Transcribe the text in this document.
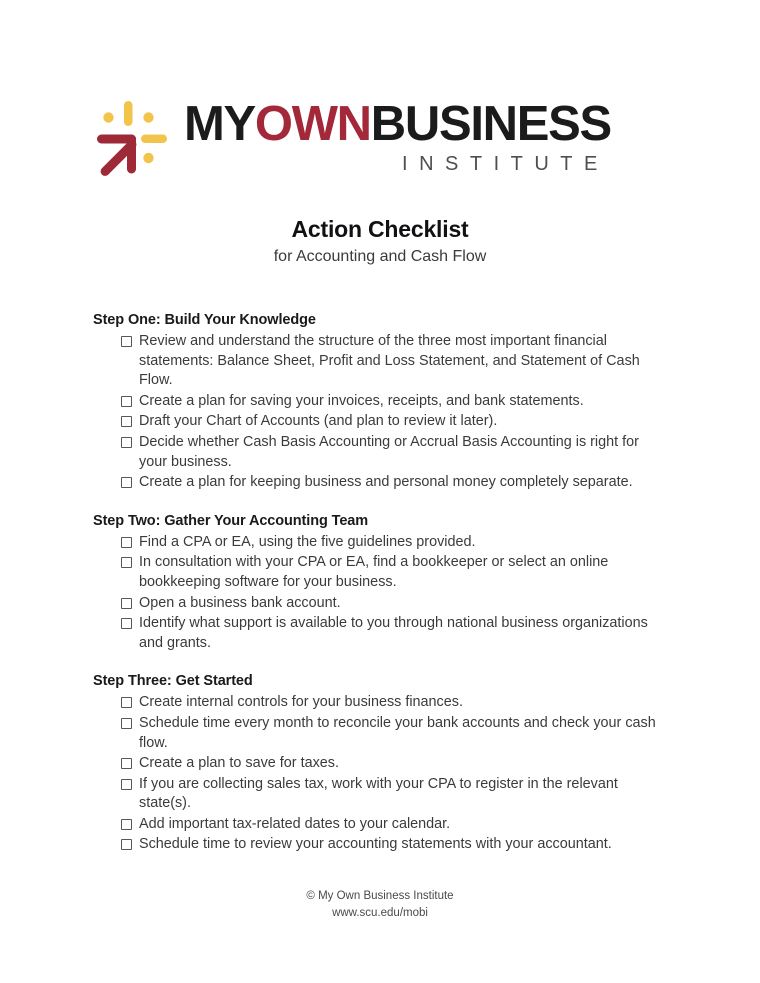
MYOWNBUSINESS
INSTITUTE
Action Checklist
for Accounting and Cash Flow
Step One: Build Your Knowledge
Review and understand the structure of the three most important financial statements: Balance Sheet, Profit and Loss Statement, and Statement of Cash Flow.
Create a plan for saving your invoices, receipts, and bank statements.
Draft your Chart of Accounts (and plan to review it later).
Decide whether Cash Basis Accounting or Accrual Basis Accounting is right for your business.
Create a plan for keeping business and personal money completely separate.
Step Two: Gather Your Accounting Team
Find a CPA or EA, using the five guidelines provided.
In consultation with your CPA or EA, find a bookkeeper or select an online bookkeeping software for your business.
Open a business bank account.
Identify what support is available to you through national business organizations and grants.
Step Three: Get Started
Create internal controls for your business finances.
Schedule time every month to reconcile your bank accounts and check your cash flow.
Create a plan to save for taxes.
If you are collecting sales tax, work with your CPA to register in the relevant state(s).
Add important tax-related dates to your calendar.
Schedule time to review your accounting statements with your accountant.
© My Own Business Institute
www.scu.edu/mobi
